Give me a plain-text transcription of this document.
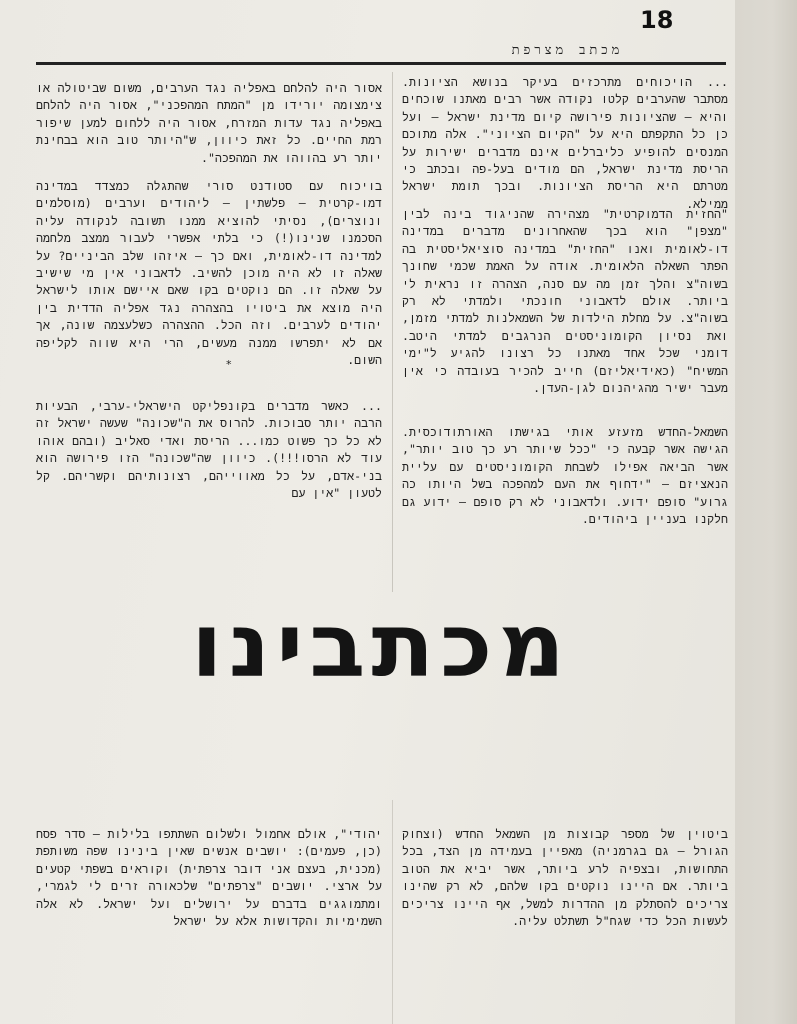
18
מכתב מצרפת

... הויכוחים מתרכזים בעיקר בנושא הציונות. מסתבר שהערבים קלטו נקודה אשר רבים מאתנו שוכחים והיא – שהציונות פירושה קיום מדינת ישראל – ועל כן כל התקפתם היא על "הקיום הציוני". אלה מתוכם המנסים להופיע כליברלים אינם מדברים ישירות על הריסת מדינת ישראל, הם מודים בעל-פה ובכתב כי מטרתם היא הריסת הציונות. ובכך תומת ישראל ממילא.

"החזית הדמוקרטית" מצהירה שהניגוד בינה לבין "מצפן" הוא בכך שהאחרונים מדברים במדינה דו-לאומית ואנו "החזית" במדינה סוציאליסטית בה הפתר השאלה הלאומית. אודה על האמת שכמי שחונך בשוה"צ והלך זמן מה עם סנה, הצהרה זו נראית לי ביותר. אולם לדאבוני חונכתי ולמדתי לא רק בשוה"צ. על מחלת הילדות של השמאלנות למדתי מזמן, ואת נסיון הקומוניסטים הנרגבים למדתי היטב. דומני שכל אחד מאתנו כל רצונו להגיע ל"ימי המשיח" (כאידיאליזם) חייב להכיר בעובדה כי אין מעבר ישיר מהגיהנום לגן-העדן.

השמאל-החדש מזעזע אותי בגישתו האורתודוכסית. הגישה אשר קבעה כי "ככל שיותר רע כך טוב יותר", אשר הביאה אפילו לשבחת הקומוניסטים עם עליית הנאציזם – "ידחוף את העם למהפכה בשל היותו כה גרוע" סופם ידוע. ולדאבוני לא רק סופם – ידוע גם חלקנו בעניין ביהודים.

ביטוין של מספר קבוצות מן השמאל החדש (וצחוק הגורל – גם בגרמניה) מאפיין בעמידה מן הצד, בכל התחושות, ובצפיה לרע ביותר, אשר יביא את הטוב ביותר. אם היינו נוקטים בקו שלהם, לא רק שהינו צריכים להסתלק מן ההדרות למשל, אף היינו צריכים לעשות הכל כדי שגח"ל תשתלט עליה.

אסור היה להלחם באפליה נגד הערבים, משום שביטולה או צימצומה יורידו מן "המתח המהפכני", אסור היה להלחם באפליה נגד עדות המזרח, אסור היה ללחום למען שיפור רמת החיים. כל זאת כיוון, ש"היותר טוב הוא בבחינת יותר רע בהווהו את המהפכה".

בויכוח עם סטודנט סורי שהתגלה כמצדד במדינה דמו-קרטית – פלשתין – ליהודים וערבים (מוסלמים ונוצרים), נסיתי להוציא ממנו תשובה לנקודה עליה הסכמנו שנינו(!) כי בלתי אפשרי לעבור ממצב מלחמה למדינה דו-לאומית, ואם כך – איזהו שלב הביניים? על שאלה זו לא היה מוכן להשיב. לדאבוני אין מי שישיב על שאלה זו. הם נוקטים בקו שאם איישם אותו לישראל היה מוצא את ביטויו בהצהרה נגד אפליה הדדית בין יהודים לערבים. וזה הכל. ההצהרה כשלעצמה שונה, אך אם לא יתפרשו ממנה מעשים, הרי היא שווה לקליפה השום.

*

... כאשר מדברים בקונפליקט הישראלי-ערבי, הבעיות הרבה יותר סבוכות. להרוס את ה"שכונה" שעשה ישראל זה לא כל כך פשוט כמו... הריסת ואדי סאליב (ובהם אוהו עוד לא הרסו!!!). כיוון שה"שכונה" הזו פירושה הוא בני-אדם, על כל מאווייהם, רצונותיהם וקשריהם. קל לטעון "אין עם

יהודי", אולם אחמול ולשלום השתתפו בלילות – סדר פסח (כן, פעמים): יושבים אנשים שאין בינינו שפה משותפת (מכנית, בעצם אני דובר צרפתית) וקוראים בשפתי קטעים על ארצי. יושבים "צרפתים" שלכאורה זרים לי לגמרי, ומתמוגגים בדברם על ירושלים ועל ישראל. לא אלה השמימיות והקדושות אלא על ישראל

מכתבינו
